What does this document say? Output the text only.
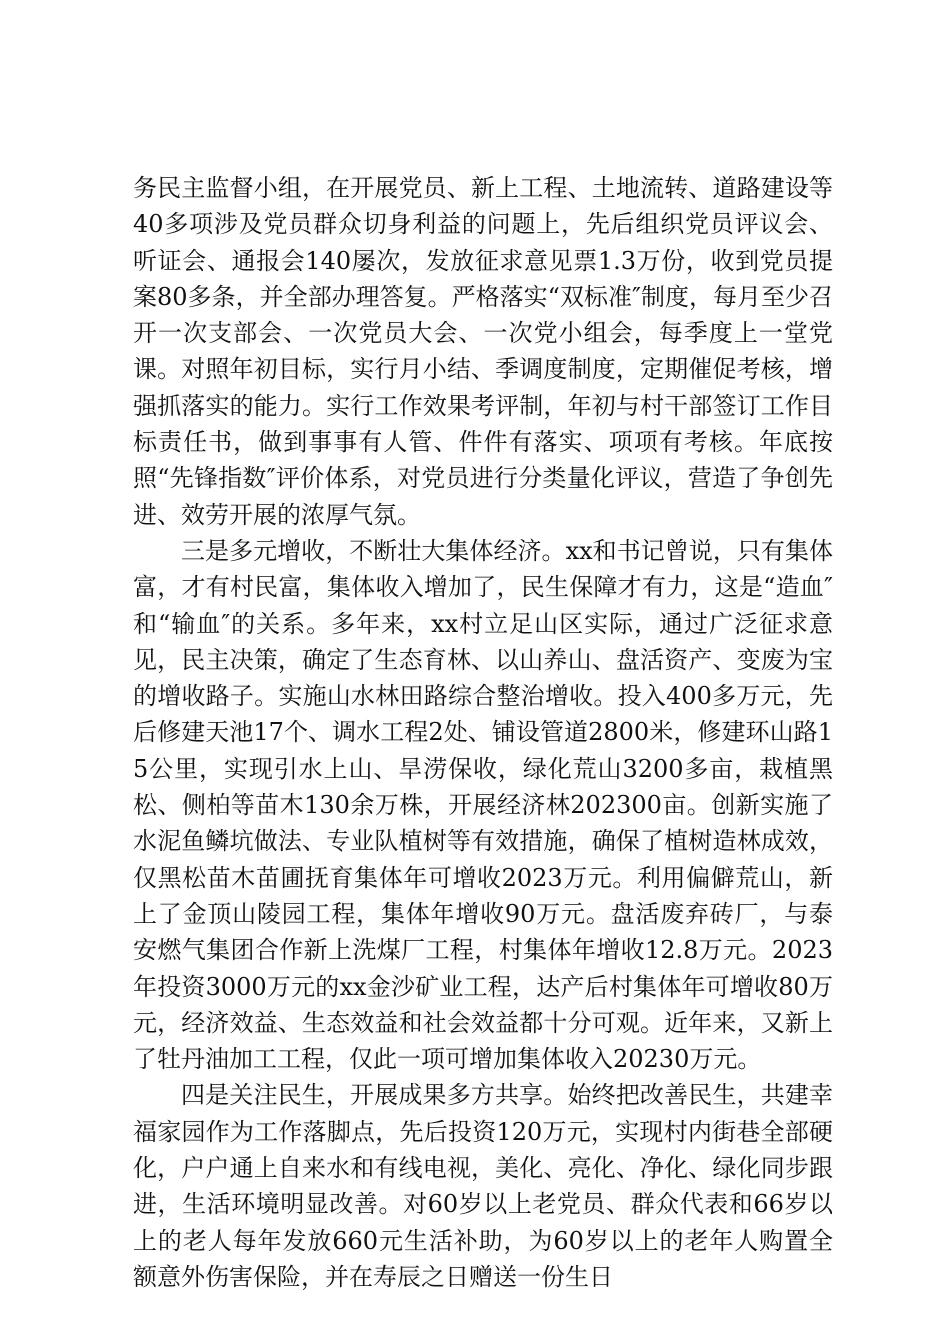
务民主监督小组，在开展党员、新上工程、土地流转、道路建设等40多项涉及党员群众切身利益的问题上，先后组织党员评议会、听证会、通报会140屡次，发放征求意见票1.3万份，收到党员提案80多条，并全部办理答复。严格落实“双标准″制度，每月至少召开一次支部会、一次党员大会、一次党小组会，每季度上一堂党课。对照年初目标，实行月小结、季调度制度，定期催促考核，增强抓落实的能力。实行工作效果考评制，年初与村干部签订工作目标责任书，做到事事有人管、件件有落实、项项有考核。年底按照“先锋指数″评价体系，对党员进行分类量化评议，营造了争创先进、效劳开展的浓厚气氛。

三是多元增收，不断壮大集体经济。xx和书记曾说，只有集体富，才有村民富，集体收入增加了，民生保障才有力，这是“造血″和“输血″的关系。多年来，xx村立足山区实际，通过广泛征求意见，民主决策，确定了生态育林、以山养山、盘活资产、变废为宝的增收路子。实施山水林田路综合整治增收。投入400多万元，先后修建天池17个、调水工程2处、铺设管道2800米，修建环山路15公里，实现引水上山、旱涝保收，绿化荒山3200多亩，栽植黑松、侧柏等苗木130余万株，开展经济林202300亩。创新实施了水泥鱼鳞坑做法、专业队植树等有效措施，确保了植树造林成效，仅黑松苗木苗圃抚育集体年可增收2023万元。利用偏僻荒山，新上了金顶山陵园工程，集体年增收90万元。盘活废弃砖厂，与泰安燃气集团合作新上洗煤厂工程，村集体年增收12.8万元。2023年投资3000万元的xx金沙矿业工程，达产后村集体年可增收80万元，经济效益、生态效益和社会效益都十分可观。近年来，又新上了牡丹油加工工程，仅此一项可增加集体收入20230万元。

四是关注民生，开展成果多方共享。始终把改善民生，共建幸福家园作为工作落脚点，先后投资120万元，实现村内街巷全部硬化，户户通上自来水和有线电视，美化、亮化、净化、绿化同步跟进，生活环境明显改善。对60岁以上老党员、群众代表和66岁以上的老人每年发放660元生活补助，为60岁以上的老年人购置全额意外伤害保险，并在寿辰之日赠送一份生日
